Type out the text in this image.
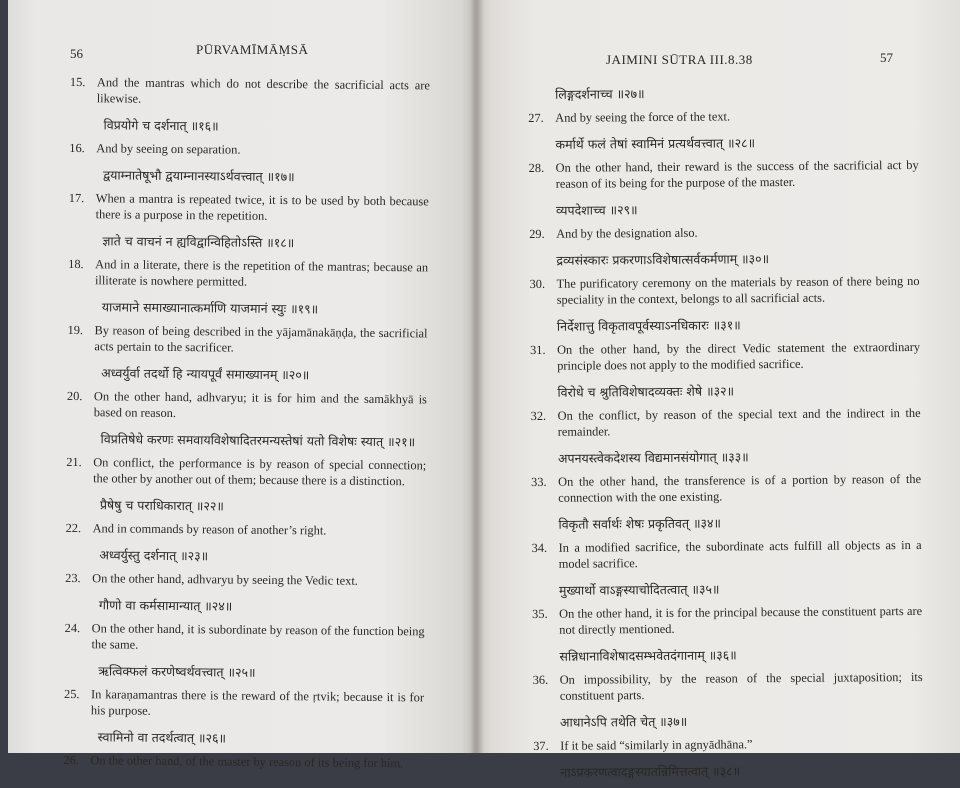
56	PŪRVAMĪMĀṂSĀ

15. And the mantras which do not describe the sacrificial acts are likewise.

विप्रयोगे च दर्शनात् ॥१६॥

16. And by seeing on separation.

द्वयाम्नातेषूभौ द्वयाम्नानस्याऽर्थवत्त्वात् ॥१७॥

17. When a mantra is repeated twice, it is to be used by both because there is a purpose in the repetition.

ज्ञाते च वाचनं न ह्यविद्वान्विहितोऽस्ति ॥१८॥

18. And in a literate, there is the repetition of the mantras; because an illiterate is nowhere permitted.

याजमाने समाख्यानात्कर्माणि याजमानं स्युः ॥१९॥

19. By reason of being described in the yājamānakāṇḍa, the sacrificial acts pertain to the sacrificer.

अध्वर्युर्वा तदर्थो हि न्यायपूर्वं समाख्यानम् ॥२०॥

20. On the other hand, adhvaryu; it is for him and the samākhyā is based on reason.

विप्रतिषेधे करणः समवायविशेषादितरमन्यस्तेषां यतो विशेषः स्यात् ॥२१॥

21. On conflict, the performance is by reason of special connection; the other by another out of them; because there is a distinction.

प्रैषेषु च पराधिकारात् ॥२२॥

22. And in commands by reason of another’s right.

अध्वर्युस्तु दर्शनात् ॥२३॥

23. On the other hand, adhvaryu by seeing the Vedic text.

गौणो वा कर्मसामान्यात् ॥२४॥

24. On the other hand, it is subordinate by reason of the function being the same.

ऋत्विक्फलं करणेष्वर्थवत्त्वात् ॥२५॥

25. In karaṇamantras there is the reward of the ṛtvik; because it is for his purpose.

स्वामिनो वा तदर्थत्वात् ॥२६॥

26. On the other hand, of the master by reason of its being for him.

JAIMINI SŪTRA III.8.38	57

लिङ्गदर्शनाच्च ॥२७॥

27. And by seeing the force of the text.

कर्मार्थे फलं तेषां स्वामिनं प्रत्यर्थवत्त्वात् ॥२८॥

28. On the other hand, their reward is the success of the sacrificial act by reason of its being for the purpose of the master.

व्यपदेशाच्च ॥२९॥

29. And by the designation also.

द्रव्यसंस्कारः प्रकरणाऽविशेषात्सर्वकर्मणाम् ॥३०॥

30. The purificatory ceremony on the materials by reason of there being no speciality in the context, belongs to all sacrificial acts.

निर्देशात्तु विकृतावपूर्वस्याऽनधिकारः ॥३१॥

31. On the other hand, by the direct Vedic statement the extraordinary principle does not apply to the modified sacrifice.

विरोधे च श्रुतिविशेषादव्यक्तः शेषे ॥३२॥

32. On the conflict, by reason of the special text and the indirect in the remainder.

अपनयस्त्वेकदेशस्य विद्यमानसंयोगात् ॥३३॥

33. On the other hand, the transference is of a portion by reason of the connection with the one existing.

विकृतौ सर्वार्थः शेषः प्रकृतिवत् ॥३४॥

34. In a modified sacrifice, the subordinate acts fulfill all objects as in a model sacrifice.

मुख्यार्थो वाऽङ्गस्याचोदितत्वात् ॥३५॥

35. On the other hand, it is for the principal because the constituent parts are not directly mentioned.

सन्निधानाविशेषादसम्भवेतदंगानाम् ॥३६॥

36. On impossibility, by the reason of the special juxtaposition; its constituent parts.

आधानेऽपि तथेति चेत् ॥३७॥

37. If it be said “similarly in agnyādhāna.”

नाऽप्रकरणत्वादङ्गस्यातन्निमित्तत्वात् ॥३८॥
